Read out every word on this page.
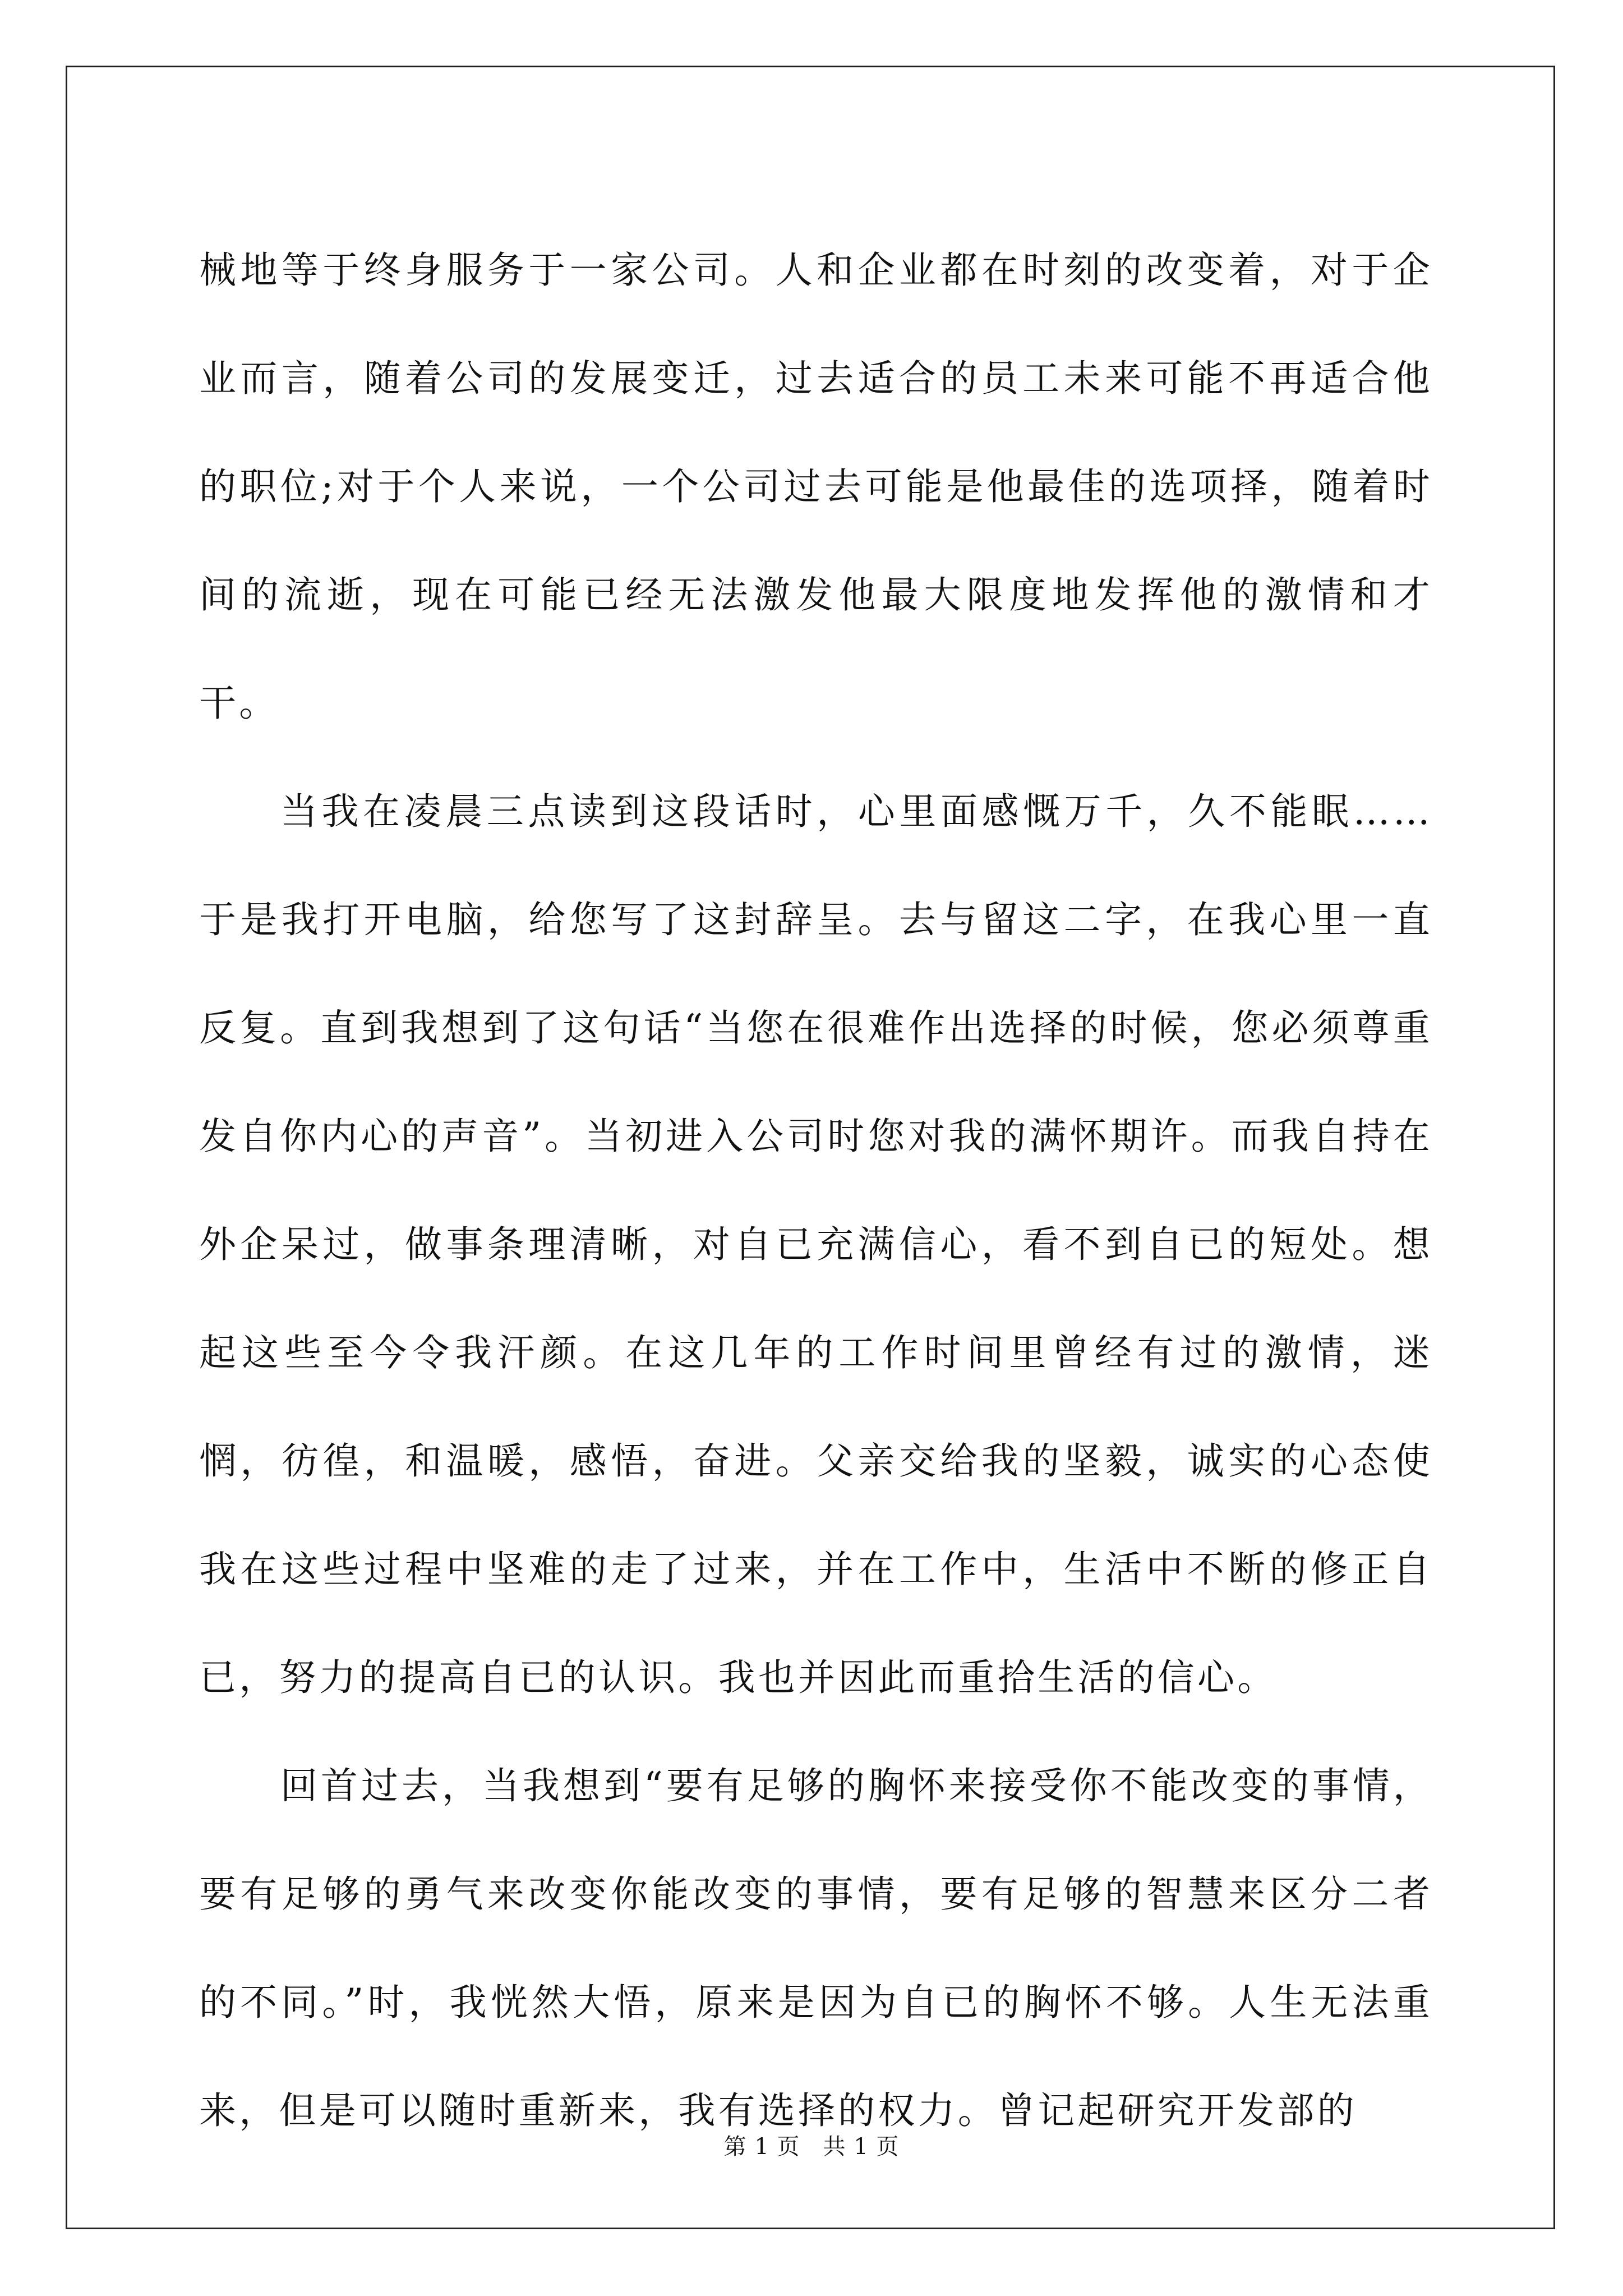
械地等于终身服务于一家公司。人和企业都在时刻的改变着，对于企业而言，随着公司的发展变迁，过去适合的员工未来可能不再适合他的职位;对于个人来说，一个公司过去可能是他最佳的选项择，随着时间的流逝，现在可能已经无法激发他最大限度地发挥他的激情和才干。

当我在凌晨三点读到这段话时，心里面感慨万千，久不能眠……于是我打开电脑，给您写了这封辞呈。去与留这二字，在我心里一直反复。直到我想到了这句话“当您在很难作出选择的时候，您必须尊重发自你内心的声音”。当初进入公司时您对我的满怀期许。而我自持在外企呆过，做事条理清晰，对自已充满信心，看不到自已的短处。想起这些至今令我汗颜。在这几年的工作时间里曾经有过的激情，迷惘，彷徨，和温暖，感悟，奋进。父亲交给我的坚毅，诚实的心态使我在这些过程中坚难的走了过来，并在工作中，生活中不断的修正自已，努力的提高自已的认识。我也并因此而重拾生活的信心。

回首过去，当我想到“要有足够的胸怀来接受你不能改变的事情，要有足够的勇气来改变你能改变的事情，要有足够的智慧来区分二者的不同。”时，我恍然大悟，原来是因为自已的胸怀不够。人生无法重来，但是可以随时重新来，我有选择的权力。曾记起研究开发部的

第 1 页　共 1 页
